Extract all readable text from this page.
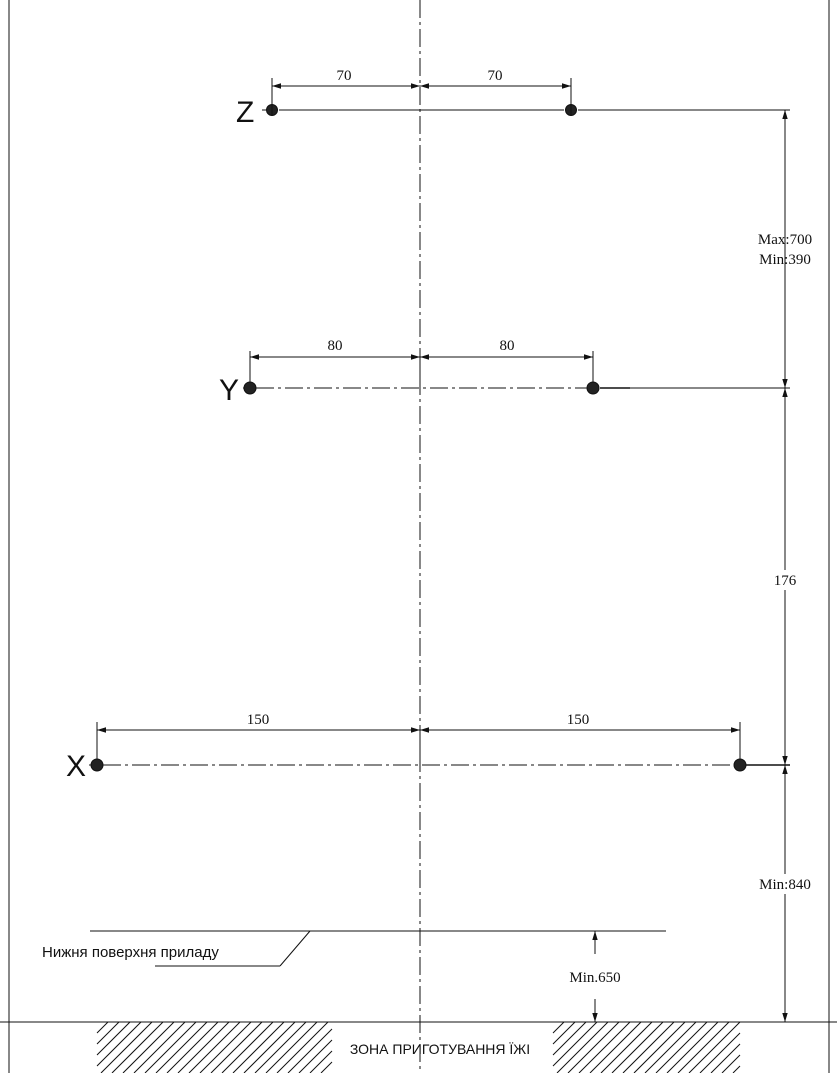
Z
70	70
Y
80	80
X
150	150
Max:700
Min:390
176
Min:840
Нижня поверхня приладу
Min.650
ЗОНА ПРИГОТУВАННЯ ЇЖІ
